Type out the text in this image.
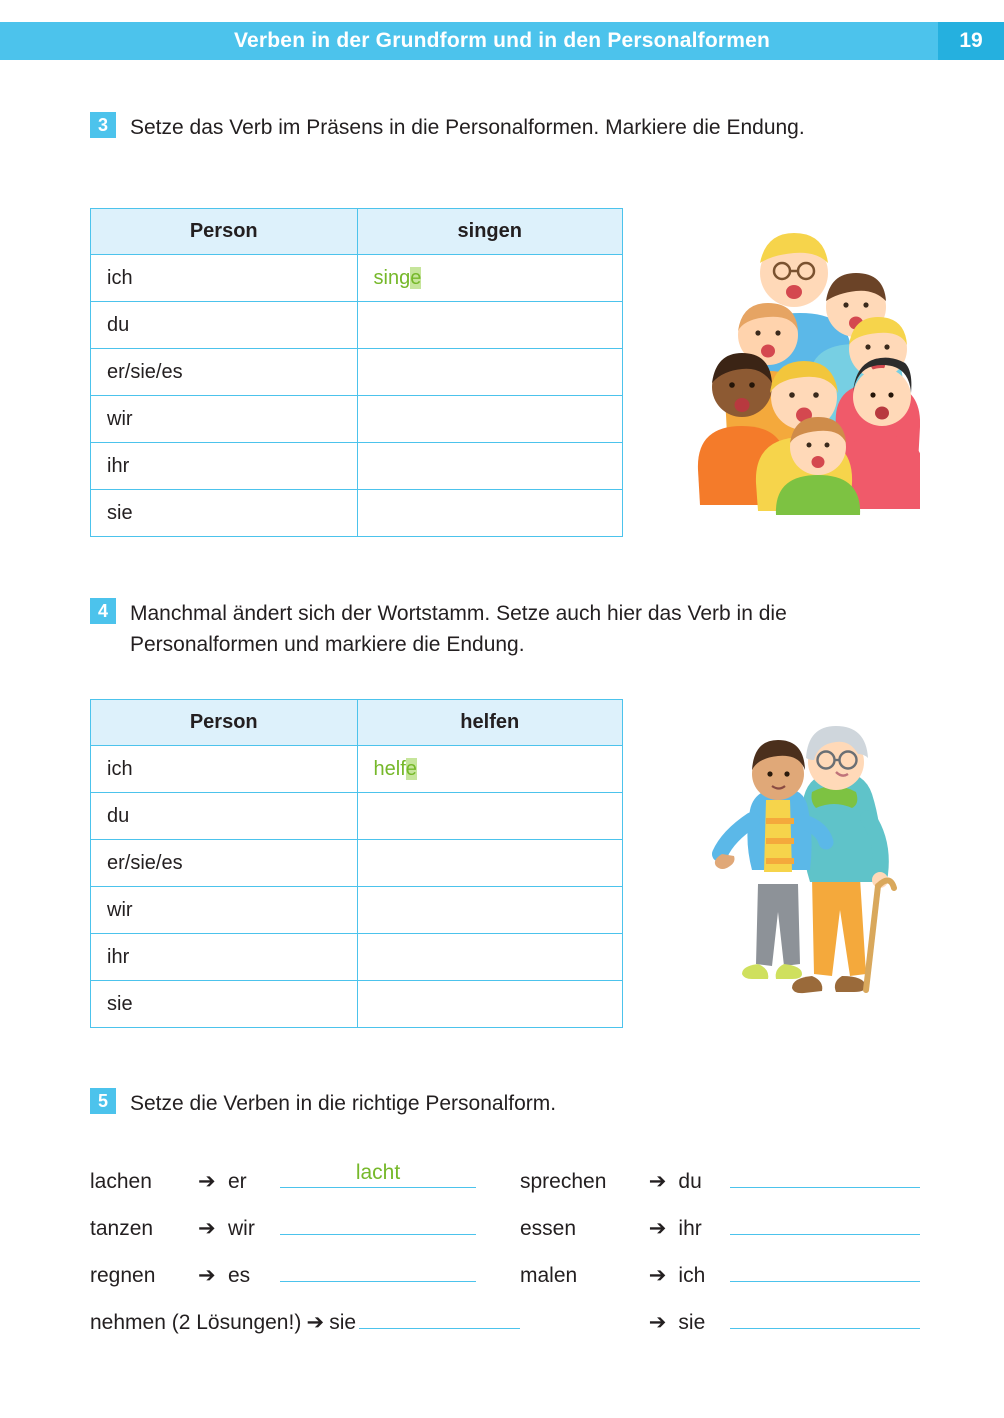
Verben in der Grundform und in den Personalformen	19
3	Setze das Verb im Präsens in die Personalformen. Markiere die Endung.
Person	singen
ich	singe
du	
er/sie/es	
wir	
ihr	
sie	
4	Manchmal ändert sich der Wortstamm. Setze auch hier das Verb in die Personalformen und markiere die Endung.
Person	helfen
ich	helfe
du	
er/sie/es	
wir	
ihr	
sie	
5	Setze die Verben in die richtige Personalform.
lachen	➔ er	lacht
tanzen	➔ wir
regnen	➔ es
nehmen (2 Lösungen!) ➔ sie
sprechen	➔ du
essen	➔ ihr
malen	➔ ich
➔ sie
